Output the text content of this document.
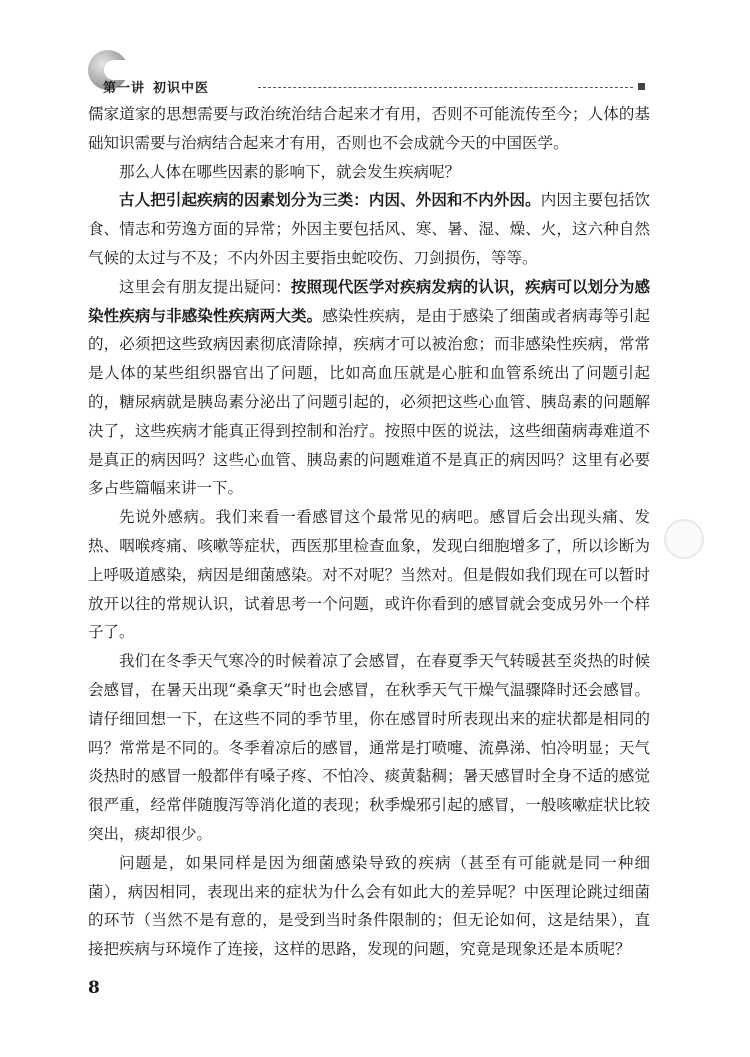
第一讲 初识中医

儒家道家的思想需要与政治统治结合起来才有用，否则不可能流传至今；人体的基础知识需要与治病结合起来才有用，否则也不会成就今天的中国医学。

那么人体在哪些因素的影响下，就会发生疾病呢？

古人把引起疾病的因素划分为三类：内因、外因和不内外因。内因主要包括饮食、情志和劳逸方面的异常；外因主要包括风、寒、暑、湿、燥、火，这六种自然气候的太过与不及；不内外因主要指虫蛇咬伤、刀剑损伤，等等。

这里会有朋友提出疑问：按照现代医学对疾病发病的认识，疾病可以划分为感染性疾病与非感染性疾病两大类。感染性疾病，是由于感染了细菌或者病毒等引起的，必须把这些致病因素彻底清除掉，疾病才可以被治愈；而非感染性疾病，常常是人体的某些组织器官出了问题，比如高血压就是心脏和血管系统出了问题引起的，糖尿病就是胰岛素分泌出了问题引起的，必须把这些心血管、胰岛素的问题解决了，这些疾病才能真正得到控制和治疗。按照中医的说法，这些细菌病毒难道不是真正的病因吗？这些心血管、胰岛素的问题难道不是真正的病因吗？这里有必要多占些篇幅来讲一下。

先说外感病。我们来看一看感冒这个最常见的病吧。感冒后会出现头痛、发热、咽喉疼痛、咳嗽等症状，西医那里检查血象，发现白细胞增多了，所以诊断为上呼吸道感染，病因是细菌感染。对不对呢？当然对。但是假如我们现在可以暂时放开以往的常规认识，试着思考一个问题，或许你看到的感冒就会变成另外一个样子了。

我们在冬季天气寒冷的时候着凉了会感冒，在春夏季天气转暖甚至炎热的时候会感冒，在暑天出现“桑拿天”时也会感冒，在秋季天气干燥气温骤降时还会感冒。请仔细回想一下，在这些不同的季节里，你在感冒时所表现出来的症状都是相同的吗？常常是不同的。冬季着凉后的感冒，通常是打喷嚏、流鼻涕、怕冷明显；天气炎热时的感冒一般都伴有嗓子疼、不怕冷、痰黄黏稠；暑天感冒时全身不适的感觉很严重，经常伴随腹泻等消化道的表现；秋季燥邪引起的感冒，一般咳嗽症状比较突出，痰却很少。

问题是，如果同样是因为细菌感染导致的疾病（甚至有可能就是同一种细菌），病因相同，表现出来的症状为什么会有如此大的差异呢？中医理论跳过细菌的环节（当然不是有意的，是受到当时条件限制的；但无论如何，这是结果），直接把疾病与环境作了连接，这样的思路，发现的问题，究竟是现象还是本质呢？

8
